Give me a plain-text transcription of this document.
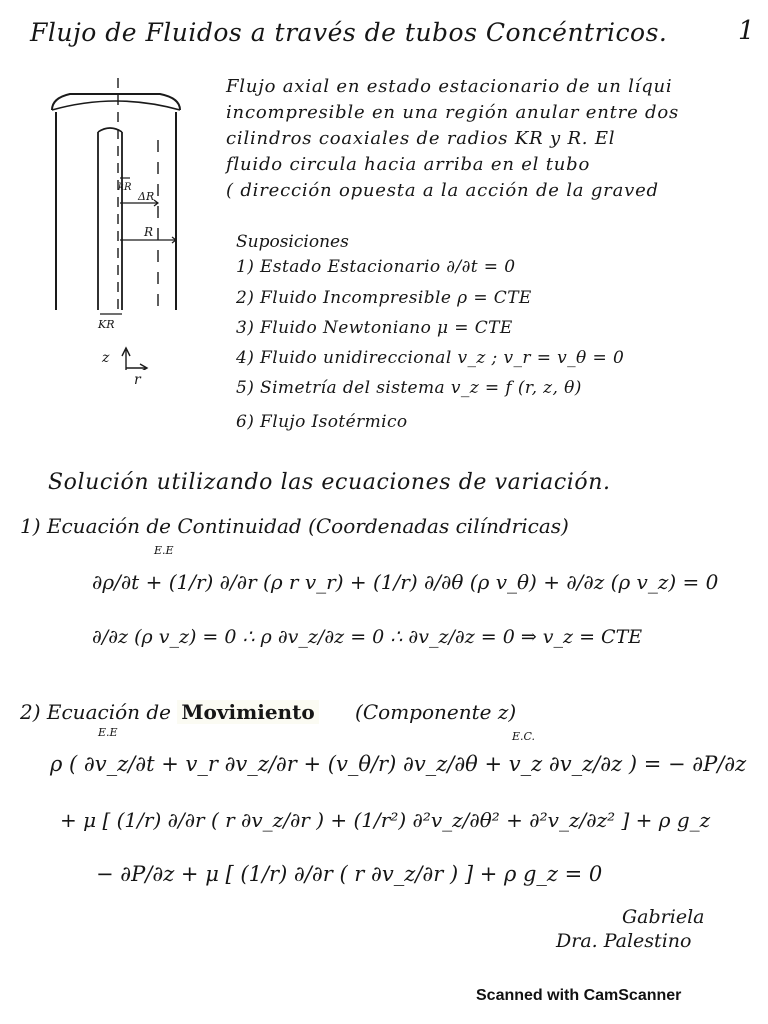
Flujo de Fluidos a través de tubos Concéntricos.	1
kR
ΔR
R
KR
z
r
Flujo axial en estado estacionario de un líqui
incompresible en una región anular entre dos
cilindros coaxiales de radios KR y R. El
fluido circula hacia arriba en el tubo
( dirección opuesta a la acción de la graved
Suposiciones
1) Estado Estacionario ∂/∂t = 0
2) Fluido Incompresible ρ = CTE
3) Fluido Newtoniano μ = CTE
4) Fluido unidireccional v_z ; v_r = v_θ = 0
5) Simetría del sistema v_z = f (r, z, θ)
6) Flujo Isotérmico
Solución utilizando las ecuaciones de variación.
1) Ecuación de Continuidad (Coordenadas cilíndricas)
E.E
∂ρ/∂t + (1/r) ∂/∂r (ρ r v_r) + (1/r) ∂/∂θ (ρ v_θ) + ∂/∂z (ρ v_z) = 0
∂/∂z (ρ v_z) = 0 ∴ ρ ∂v_z/∂z = 0 ∴ ∂v_z/∂z = 0 ⇒ v_z = CTE
2) Ecuación de Movimiento (Componente z)
E.E	E.C.
ρ ( ∂v_z/∂t + v_r ∂v_z/∂r + (v_θ/r) ∂v_z/∂θ + v_z ∂v_z/∂z ) = − ∂P/∂z
+ μ [ (1/r) ∂/∂r ( r ∂v_z/∂r ) + (1/r²) ∂²v_z/∂θ² + ∂²v_z/∂z² ] + ρ g_z
− ∂P/∂z + μ [ (1/r) ∂/∂r ( r ∂v_z/∂r ) ] + ρ g_z = 0
Gabriela
Dra. Palestino
Scanned with CamScanner
